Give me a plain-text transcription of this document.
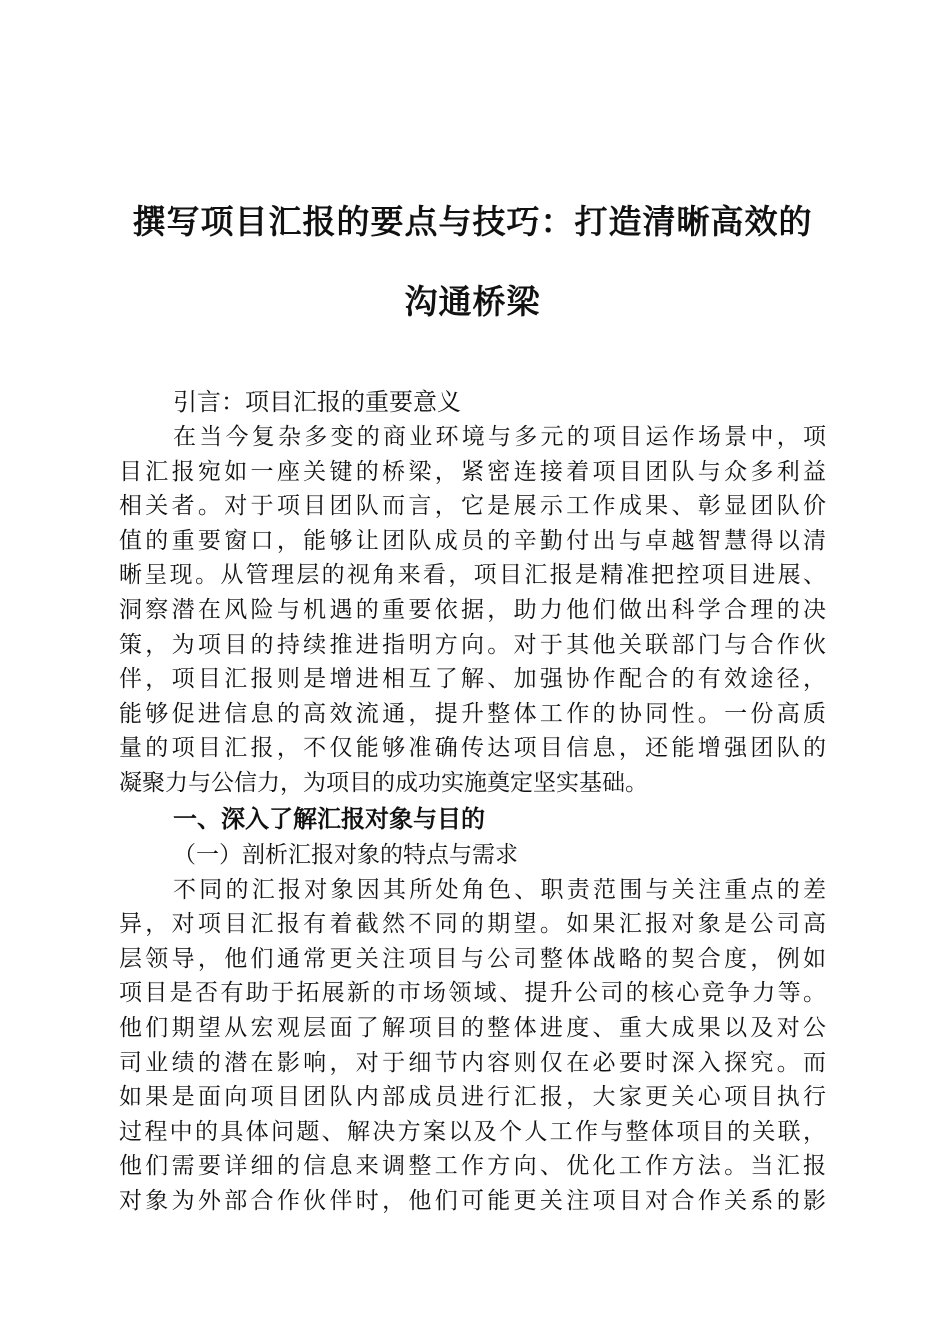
撰写项目汇报的要点与技巧：打造清晰高效的
沟通桥梁

引言：项目汇报的重要意义

在当今复杂多变的商业环境与多元的项目运作场景中，项
目汇报宛如一座关键的桥梁，紧密连接着项目团队与众多利益
相关者。对于项目团队而言，它是展示工作成果、彰显团队价
值的重要窗口，能够让团队成员的辛勤付出与卓越智慧得以清
晰呈现。从管理层的视角来看，项目汇报是精准把控项目进展、
洞察潜在风险与机遇的重要依据，助力他们做出科学合理的决
策，为项目的持续推进指明方向。对于其他关联部门与合作伙
伴，项目汇报则是增进相互了解、加强协作配合的有效途径，
能够促进信息的高效流通，提升整体工作的协同性。一份高质
量的项目汇报，不仅能够准确传达项目信息，还能增强团队的
凝聚力与公信力，为项目的成功实施奠定坚实基础。

一、深入了解汇报对象与目的

（一）剖析汇报对象的特点与需求

不同的汇报对象因其所处角色、职责范围与关注重点的差
异，对项目汇报有着截然不同的期望。如果汇报对象是公司高
层领导，他们通常更关注项目与公司整体战略的契合度，例如
项目是否有助于拓展新的市场领域、提升公司的核心竞争力等。
他们期望从宏观层面了解项目的整体进度、重大成果以及对公
司业绩的潜在影响，对于细节内容则仅在必要时深入探究。而
如果是面向项目团队内部成员进行汇报，大家更关心项目执行
过程中的具体问题、解决方案以及个人工作与整体项目的关联，
他们需要详细的信息来调整工作方向、优化工作方法。当汇报
对象为外部合作伙伴时，他们可能更关注项目对合作关系的影
